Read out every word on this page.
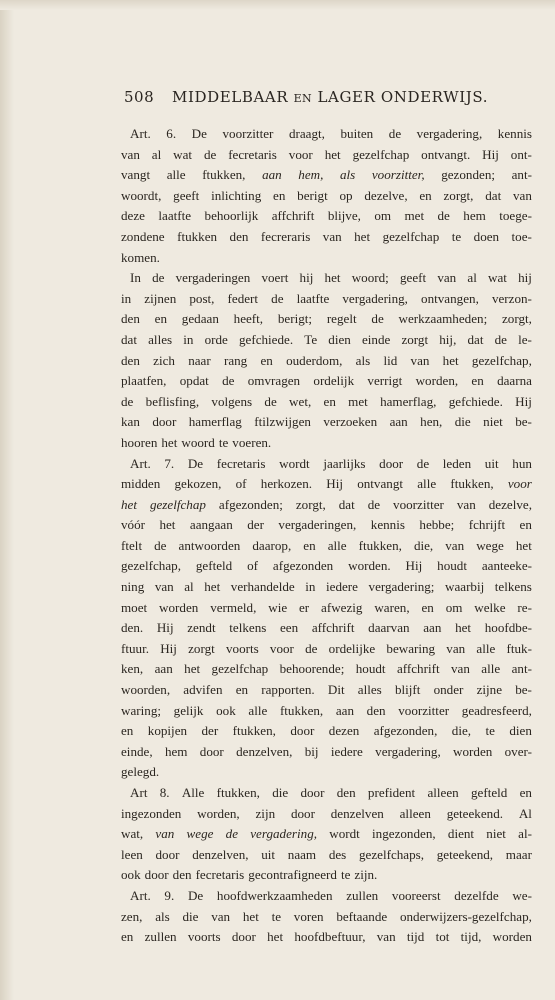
508 MIDDELBAAR EN LAGER ONDERWIJS.
Art. 6. De voorzitter draagt, buiten de vergadering, kennis
van al wat de fecretaris voor het gezelfchap ontvangt. Hij ont-
vangt alle ftukken, aan hem, als voorzitter, gezonden; ant-
woordt, geeft inlichting en berigt op dezelve, en zorgt, dat van
deze laatfte behoorlijk affchrift blijve, om met de hem toege-
zondene ftukken den fecreraris van het gezelfchap te doen toe-
komen.
In de vergaderingen voert hij het woord; geeft van al wat hij
in zijnen post, federt de laatfte vergadering, ontvangen, verzon-
den en gedaan heeft, berigt; regelt de werkzaamheden; zorgt,
dat alles in orde gefchiede. Te dien einde zorgt hij, dat de le-
den zich naar rang en ouderdom, als lid van het gezelfchap,
plaatfen, opdat de omvragen ordelijk verrigt worden, en daarna
de beflisfing, volgens de wet, en met hamerflag, gefchiede. Hij
kan door hamerflag ftilzwijgen verzoeken aan hen, die niet be-
hooren het woord te voeren.
Art. 7. De fecretaris wordt jaarlijks door de leden uit hun
midden gekozen, of herkozen. Hij ontvangt alle ftukken, voor
het gezelfchap afgezonden; zorgt, dat de voorzitter van dezelve,
vóór het aangaan der vergaderingen, kennis hebbe; fchrijft en
ftelt de antwoorden daarop, en alle ftukken, die, van wege het
gezelfchap, gefteld of afgezonden worden. Hij houdt aanteeke-
ning van al het verhandelde in iedere vergadering; waarbij telkens
moet worden vermeld, wie er afwezig waren, en om welke re-
den. Hij zendt telkens een affchrift daarvan aan het hoofdbe-
ftuur. Hij zorgt voorts voor de ordelijke bewaring van alle ftuk-
ken, aan het gezelfchap behoorende; houdt affchrift van alle ant-
woorden, advifen en rapporten. Dit alles blijft onder zijne be-
waring; gelijk ook alle ftukken, aan den voorzitter geadresfeerd,
en kopijen der ftukken, door dezen afgezonden, die, te dien
einde, hem door denzelven, bij iedere vergadering, worden over-
gelegd.
Art 8. Alle ftukken, die door den prefident alleen gefteld en
ingezonden worden, zijn door denzelven alleen geteekend. Al
wat, van wege de vergadering, wordt ingezonden, dient niet al-
leen door denzelven, uit naam des gezelfchaps, geteekend, maar
ook door den fecretaris gecontrafigneerd te zijn.
Art. 9. De hoofdwerkzaamheden zullen vooreerst dezelfde we-
zen, als die van het te voren beftaande onderwijzers-gezelfchap,
en zullen voorts door het hoofdbeftuur, van tijd tot tijd, worden
